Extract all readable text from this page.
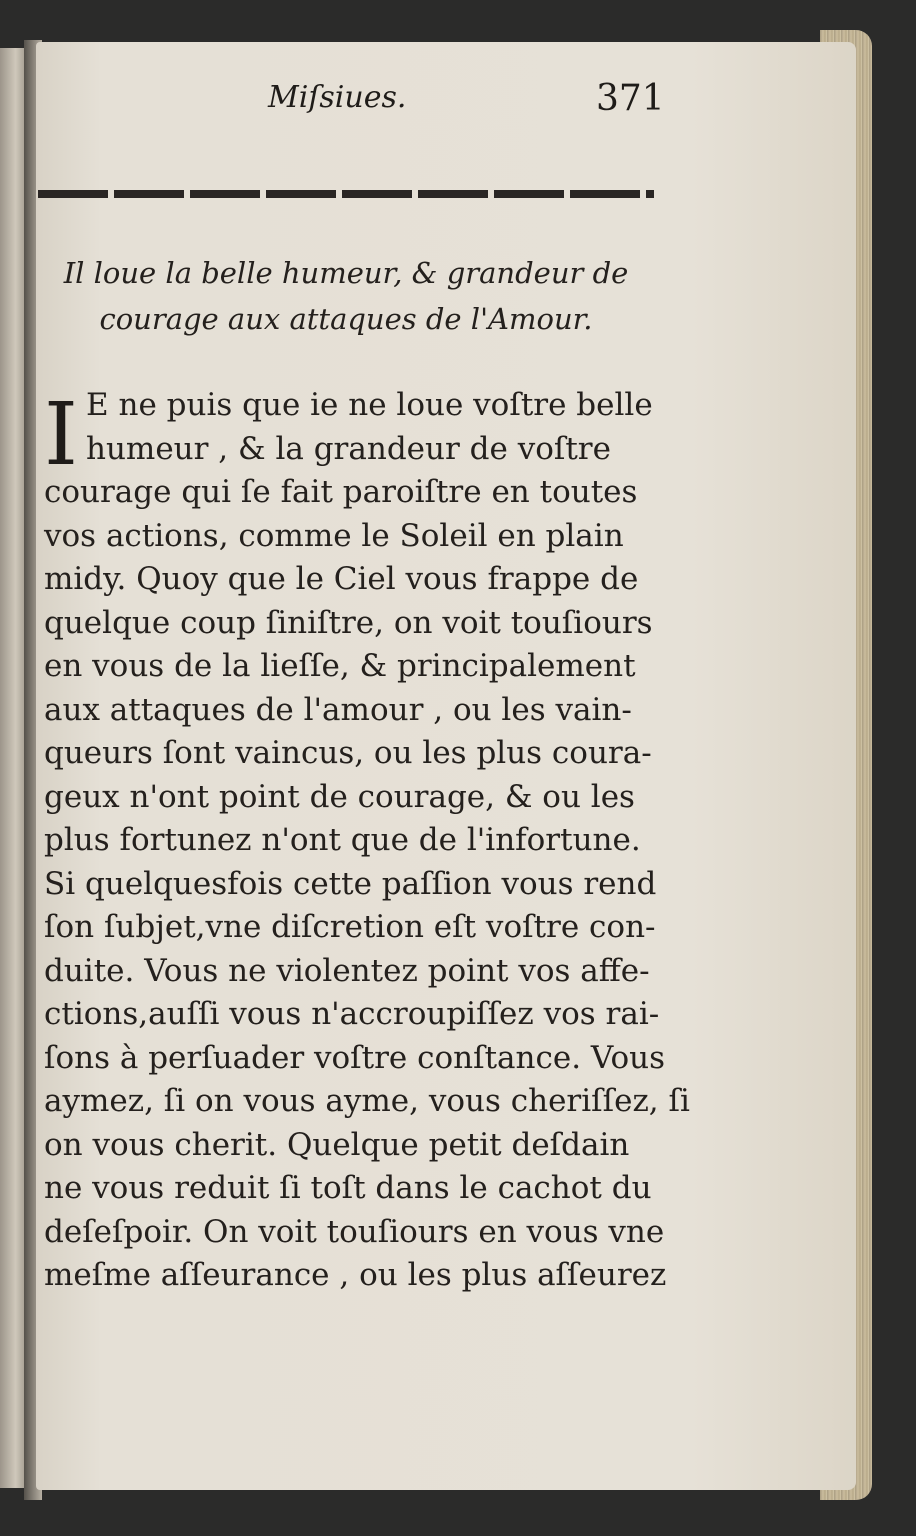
Miſsiues.	371
Il loue la belle humeur, & grandeur de
courage aux attaques de l'Amour.
I E ne puis que ie ne loue voſtre belle
humeur , & la grandeur de voſtre
courage qui ſe fait paroiſtre en toutes
vos actions, comme le Soleil en plain
midy. Quoy que le Ciel vous frappe de
quelque coup ſiniſtre, on voit touſiours
en vous de la lieſſe, & principalement
aux attaques de l'amour , ou les vain-
queurs ſont vaincus, ou les plus coura-
geux n'ont point de courage, & ou les
plus fortunez n'ont que de l'infortune.
Si quelquesfois cette paſſion vous rend
ſon ſubjet,vne diſcretion eſt voſtre con-
duite. Vous ne violentez point vos affe-
ctions,auſſi vous n'accroupiſſez vos rai-
ſons à perſuader voſtre conſtance. Vous
aymez, ſi on vous ayme, vous cheriſſez, ſi
on vous cherit. Quelque petit deſdain
ne vous reduit ſi toſt dans le cachot du
deſeſpoir. On voit touſiours en vous vne
meſme aſſeurance , ou les plus aſſeurez
